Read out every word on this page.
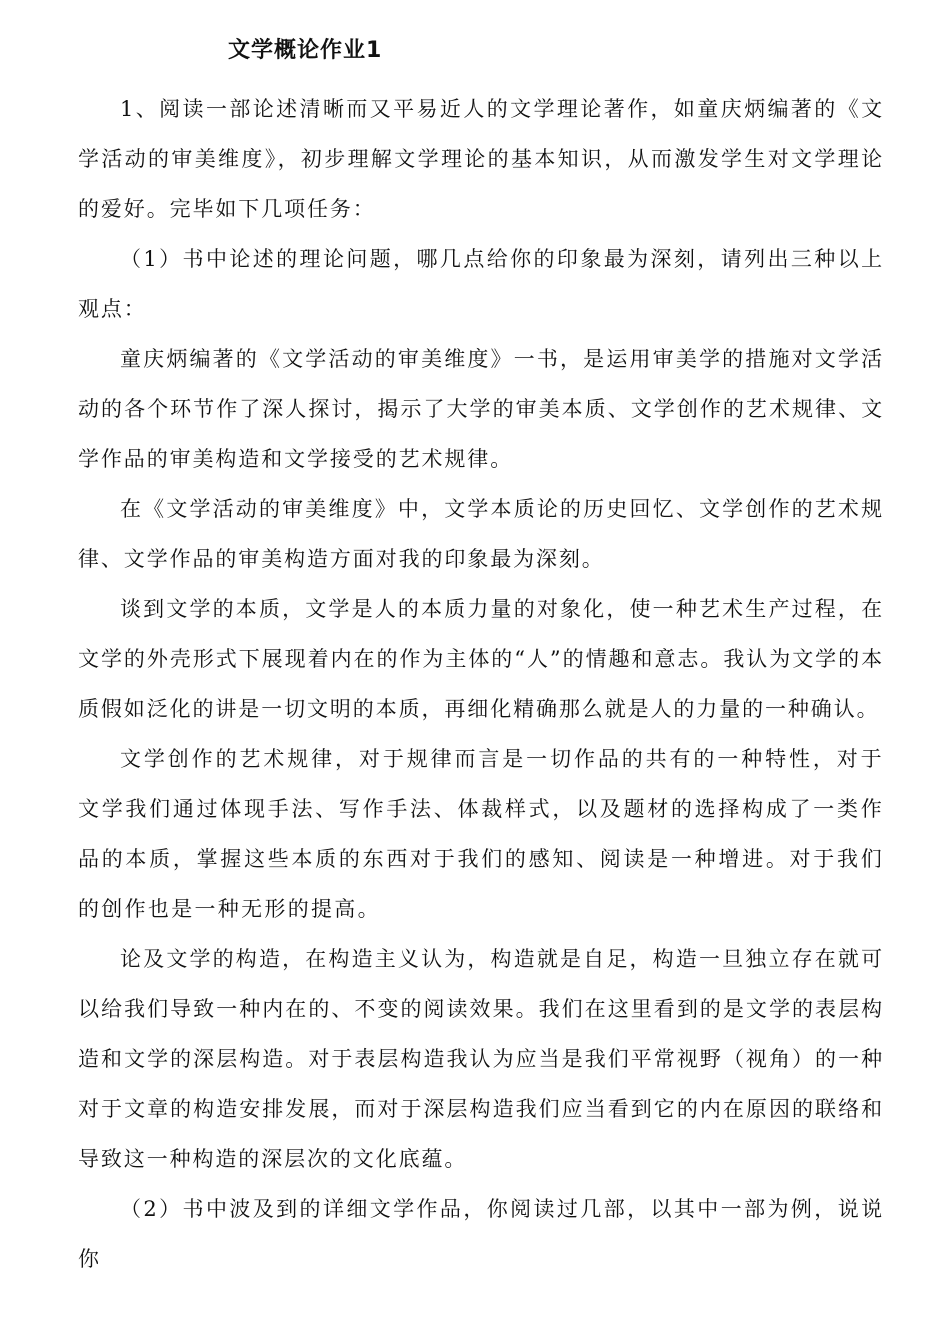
文学概论作业1

1、阅读一部论述清晰而又平易近人的文学理论著作，如童庆炳编著的《文学活动的审美维度》，初步理解文学理论的基本知识，从而激发学生对文学理论的爱好。完毕如下几项任务：

（1）书中论述的理论问题，哪几点给你的印象最为深刻，请列出三种以上观点：

童庆炳编著的《文学活动的审美维度》一书，是运用审美学的措施对文学活动的各个环节作了深人探讨，揭示了大学的审美本质、文学创作的艺术规律、文学作品的审美构造和文学接受的艺术规律。

在《文学活动的审美维度》中，文学本质论的历史回忆、文学创作的艺术规律、文学作品的审美构造方面对我的印象最为深刻。

谈到文学的本质，文学是人的本质力量的对象化，使一种艺术生产过程，在文学的外壳形式下展现着内在的作为主体的“人”的情趣和意志。我认为文学的本质假如泛化的讲是一切文明的本质，再细化精确那么就是人的力量的一种确认。

文学创作的艺术规律，对于规律而言是一切作品的共有的一种特性，对于文学我们通过体现手法、写作手法、体裁样式，以及题材的选择构成了一类作品的本质，掌握这些本质的东西对于我们的感知、阅读是一种增进。对于我们的创作也是一种无形的提高。

论及文学的构造，在构造主义认为，构造就是自足，构造一旦独立存在就可以给我们导致一种内在的、不变的阅读效果。我们在这里看到的是文学的表层构造和文学的深层构造。对于表层构造我认为应当是我们平常视野（视角）的一种对于文章的构造安排发展，而对于深层构造我们应当看到它的内在原因的联络和导致这一种构造的深层次的文化底蕴。

（2）书中波及到的详细文学作品，你阅读过几部，以其中一部为例，说说你
